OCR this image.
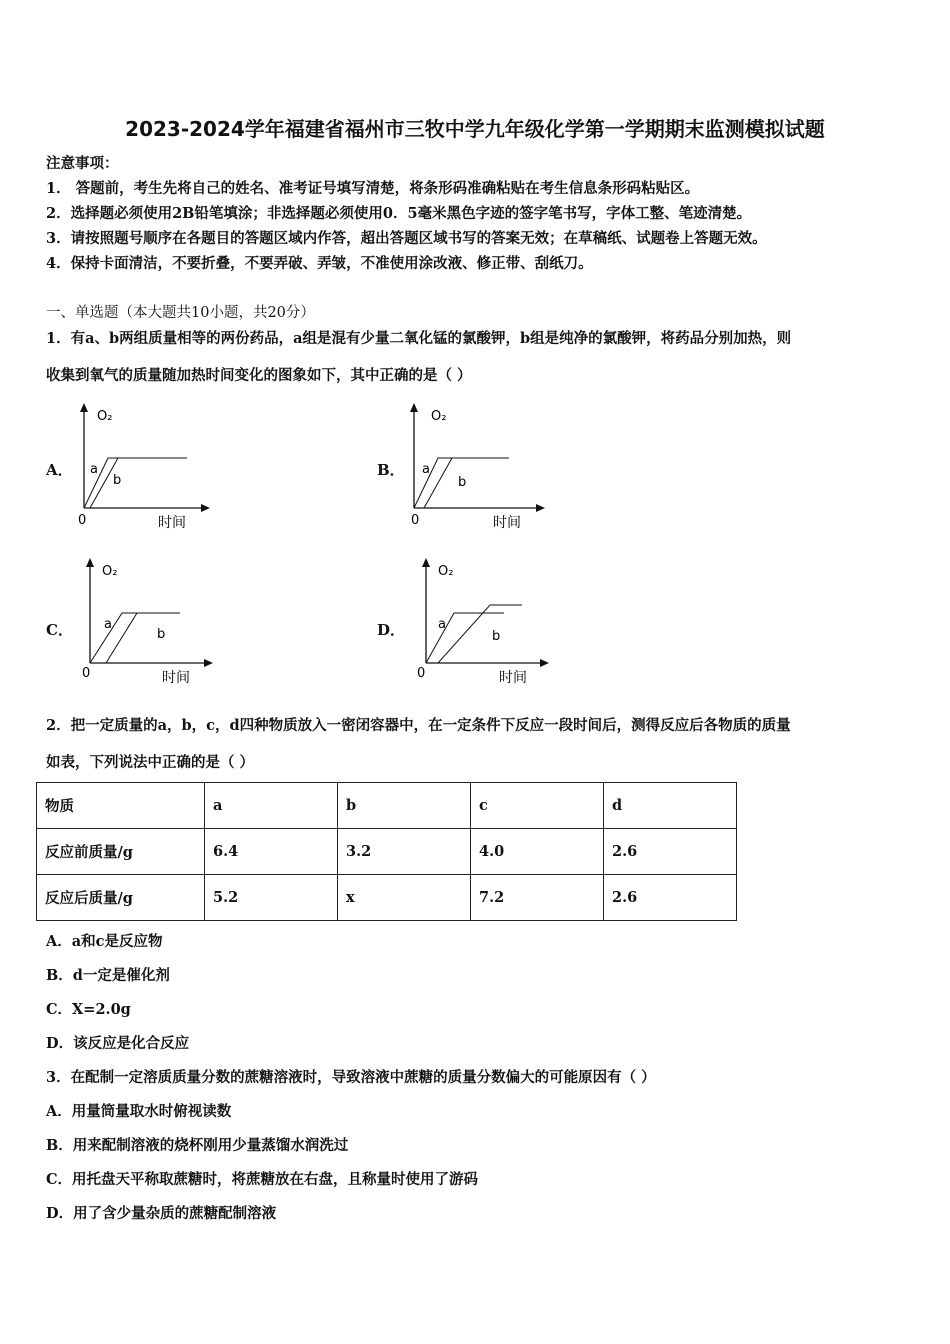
2023-2024学年福建省福州市三牧中学九年级化学第一学期期末监测模拟试题
注意事项：
1． 答题前，考生先将自己的姓名、准考证号填写清楚，将条形码准确粘贴在考生信息条形码粘贴区。
2．选择题必须使用2B铅笔填涂；非选择题必须使用0．5毫米黑色字迹的签字笔书写，字体工整、笔迹清楚。
3．请按照题号顺序在各题目的答题区域内作答，超出答题区域书写的答案无效；在草稿纸、试题卷上答题无效。
4．保持卡面清洁，不要折叠，不要弄破、弄皱，不准使用涂改液、修正带、刮纸刀。
一、单选题（本大题共10小题，共20分）
1．有a、b两组质量相等的两份药品，a组是混有少量二氧化锰的氯酸钾，b组是纯净的氯酸钾，将药品分别加热，则
收集到氧气的质量随加热时间变化的图象如下，其中正确的是（ ）
A．	B．
C．	D．
O₂
a
b
0	时间
O₂
a
b
0	时间
O₂
a
b
0	时间
O₂
a
b
0	时间
2．把一定质量的a，b，c，d四种物质放入一密闭容器中，在一定条件下反应一段时间后，测得反应后各物质的质量
如表，下列说法中正确的是（ ）
物质	a	b	c	d
反应前质量/g	6.4	3.2	4.0	2.6
反应后质量/g	5.2	x	7.2	2.6
A．a和c是反应物
B．d一定是催化剂
C．X=2.0g
D．该反应是化合反应
3．在配制一定溶质质量分数的蔗糖溶液时，导致溶液中蔗糖的质量分数偏大的可能原因有（ ）
A．用量筒量取水时俯视读数
B．用来配制溶液的烧杯刚用少量蒸馏水润洗过
C．用托盘天平称取蔗糖时，将蔗糖放在右盘，且称量时使用了游码
D．用了含少量杂质的蔗糖配制溶液
